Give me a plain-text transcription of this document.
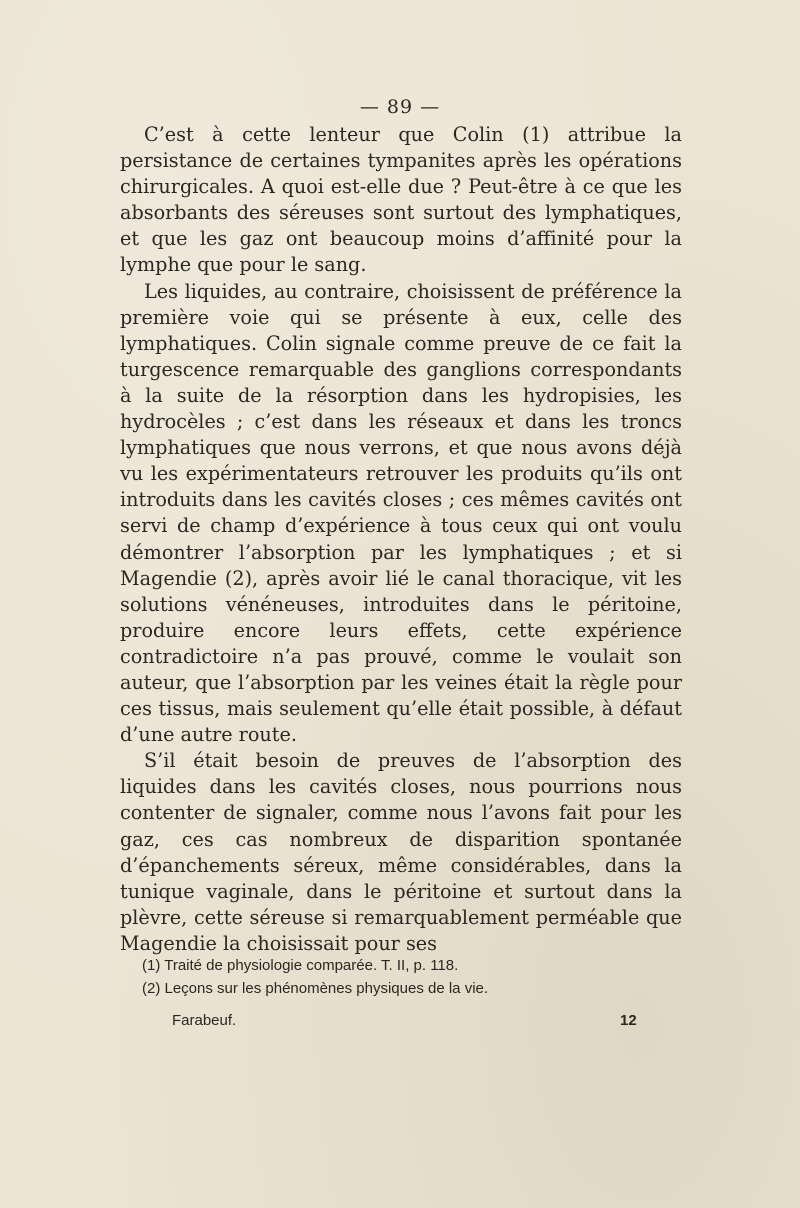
— 89 —

C’est à cette lenteur que Colin (1) attribue la persistance de certaines tympanites après les opérations chirurgicales. A quoi est-elle due ? Peut-être à ce que les absorbants des séreuses sont surtout des lymphatiques, et que les gaz ont beaucoup moins d’affinité pour la lymphe que pour le sang.

Les liquides, au contraire, choisissent de préférence la première voie qui se présente à eux, celle des lymphatiques. Colin signale comme preuve de ce fait la turgescence remarquable des ganglions correspondants à la suite de la résorption dans les hydropisies, les hydrocèles ; c’est dans les réseaux et dans les troncs lymphatiques que nous verrons, et que nous avons déjà vu les expérimentateurs retrouver les produits qu’ils ont introduits dans les cavités closes ; ces mêmes cavités ont servi de champ d’expérience à tous ceux qui ont voulu démontrer l’absorption par les lymphatiques ; et si Magendie (2), après avoir lié le canal thoracique, vit les solutions vénéneuses, introduites dans le péritoine, produire encore leurs effets, cette expérience contradictoire n’a pas prouvé, comme le voulait son auteur, que l’absorption par les veines était la règle pour ces tissus, mais seulement qu’elle était possible, à défaut d’une autre route.

S’il était besoin de preuves de l’absorption des liquides dans les cavités closes, nous pourrions nous contenter de signaler, comme nous l’avons fait pour les gaz, ces cas nombreux de disparition spontanée d’épanchements séreux, même considérables, dans la tunique vaginale, dans le péritoine et surtout dans la plèvre, cette séreuse si remarquablement perméable que Magendie la choisissait pour ses

(1) Traité de physiologie comparée. T. II, p. 118.

(2) Leçons sur les phénomènes physiques de la vie.

Farabeuf.	12
